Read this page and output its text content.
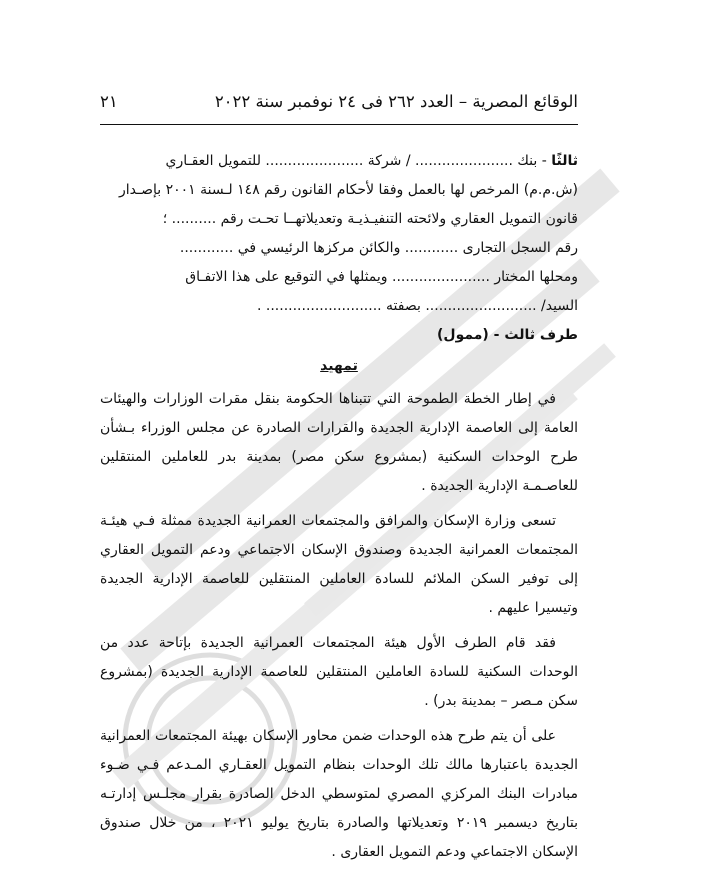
الوقائع المصرية – العدد ٢٦٢ فى ٢٤ نوفمبر سنة ٢٠٢٢
٢١

ثالثًا - بنك ...................... / شركة ...................... للتمويل العقـاري

(ش.م.م) المرخص لها بالعمل وفقا لأحكام القانون رقم ١٤٨ لـسنة ٢٠٠١ بإصـدار

قانون التمويل العقاري ولائحته التنفيـذيـة وتعديلاتهــا تحـت رقم .......... ؛

رقم السجل التجارى ............ والكائن مركزها الرئيسي في ............

ومحلها المختار ...................... ويمثلها في التوقيع على هذا الاتفـاق

السيد/ ......................... بصفته .......................... .

طرف ثالث - (ممول)

تمهيد

في إطار الخطة الطموحة التي تتبناها الحكومة بنقل مقرات الوزارات والهيئات العامة إلى العاصمة الإدارية الجديدة والقرارات الصادرة عن مجلس الوزراء بـشأن طرح الوحدات السكنية (بمشروع سكن مصر) بمدينة بدر للعاملين المنتقلين للعاصـمـة الإدارية الجديدة .

تسعى وزارة الإسكان والمرافق والمجتمعات العمرانية الجديدة ممثلة فـي هيئـة المجتمعات العمرانية الجديدة وصندوق الإسكان الاجتماعي ودعم التمويل العقاري إلى توفير السكن الملائم للسادة العاملين المنتقلين للعاصمة الإدارية الجديدة وتيسيرا عليهم .

فقد قام الطرف الأول هيئة المجتمعات العمرانية الجديدة بإتاحة عدد من الوحدات السكنية للسادة العاملين المنتقلين للعاصمة الإدارية الجديدة (بمشروع سكن مـصر – بمدينة بدر) .

على أن يتم طرح هذه الوحدات ضمن محاور الإسكان بهيئة المجتمعات العمرانية الجديدة باعتبارها مالك تلك الوحدات بنظام التمويل العقـاري المـدعم فـي ضـوء مبادرات البنك المركزي المصري لمتوسطي الدخل الصادرة بقرار مجلـس إدارتـه بتاريخ ديسمبر ٢٠١٩ وتعديلاتها والصادرة بتاريخ يوليو ٢٠٢١ ، من خلال صندوق الإسكان الاجتماعي ودعم التمويل العقارى .
